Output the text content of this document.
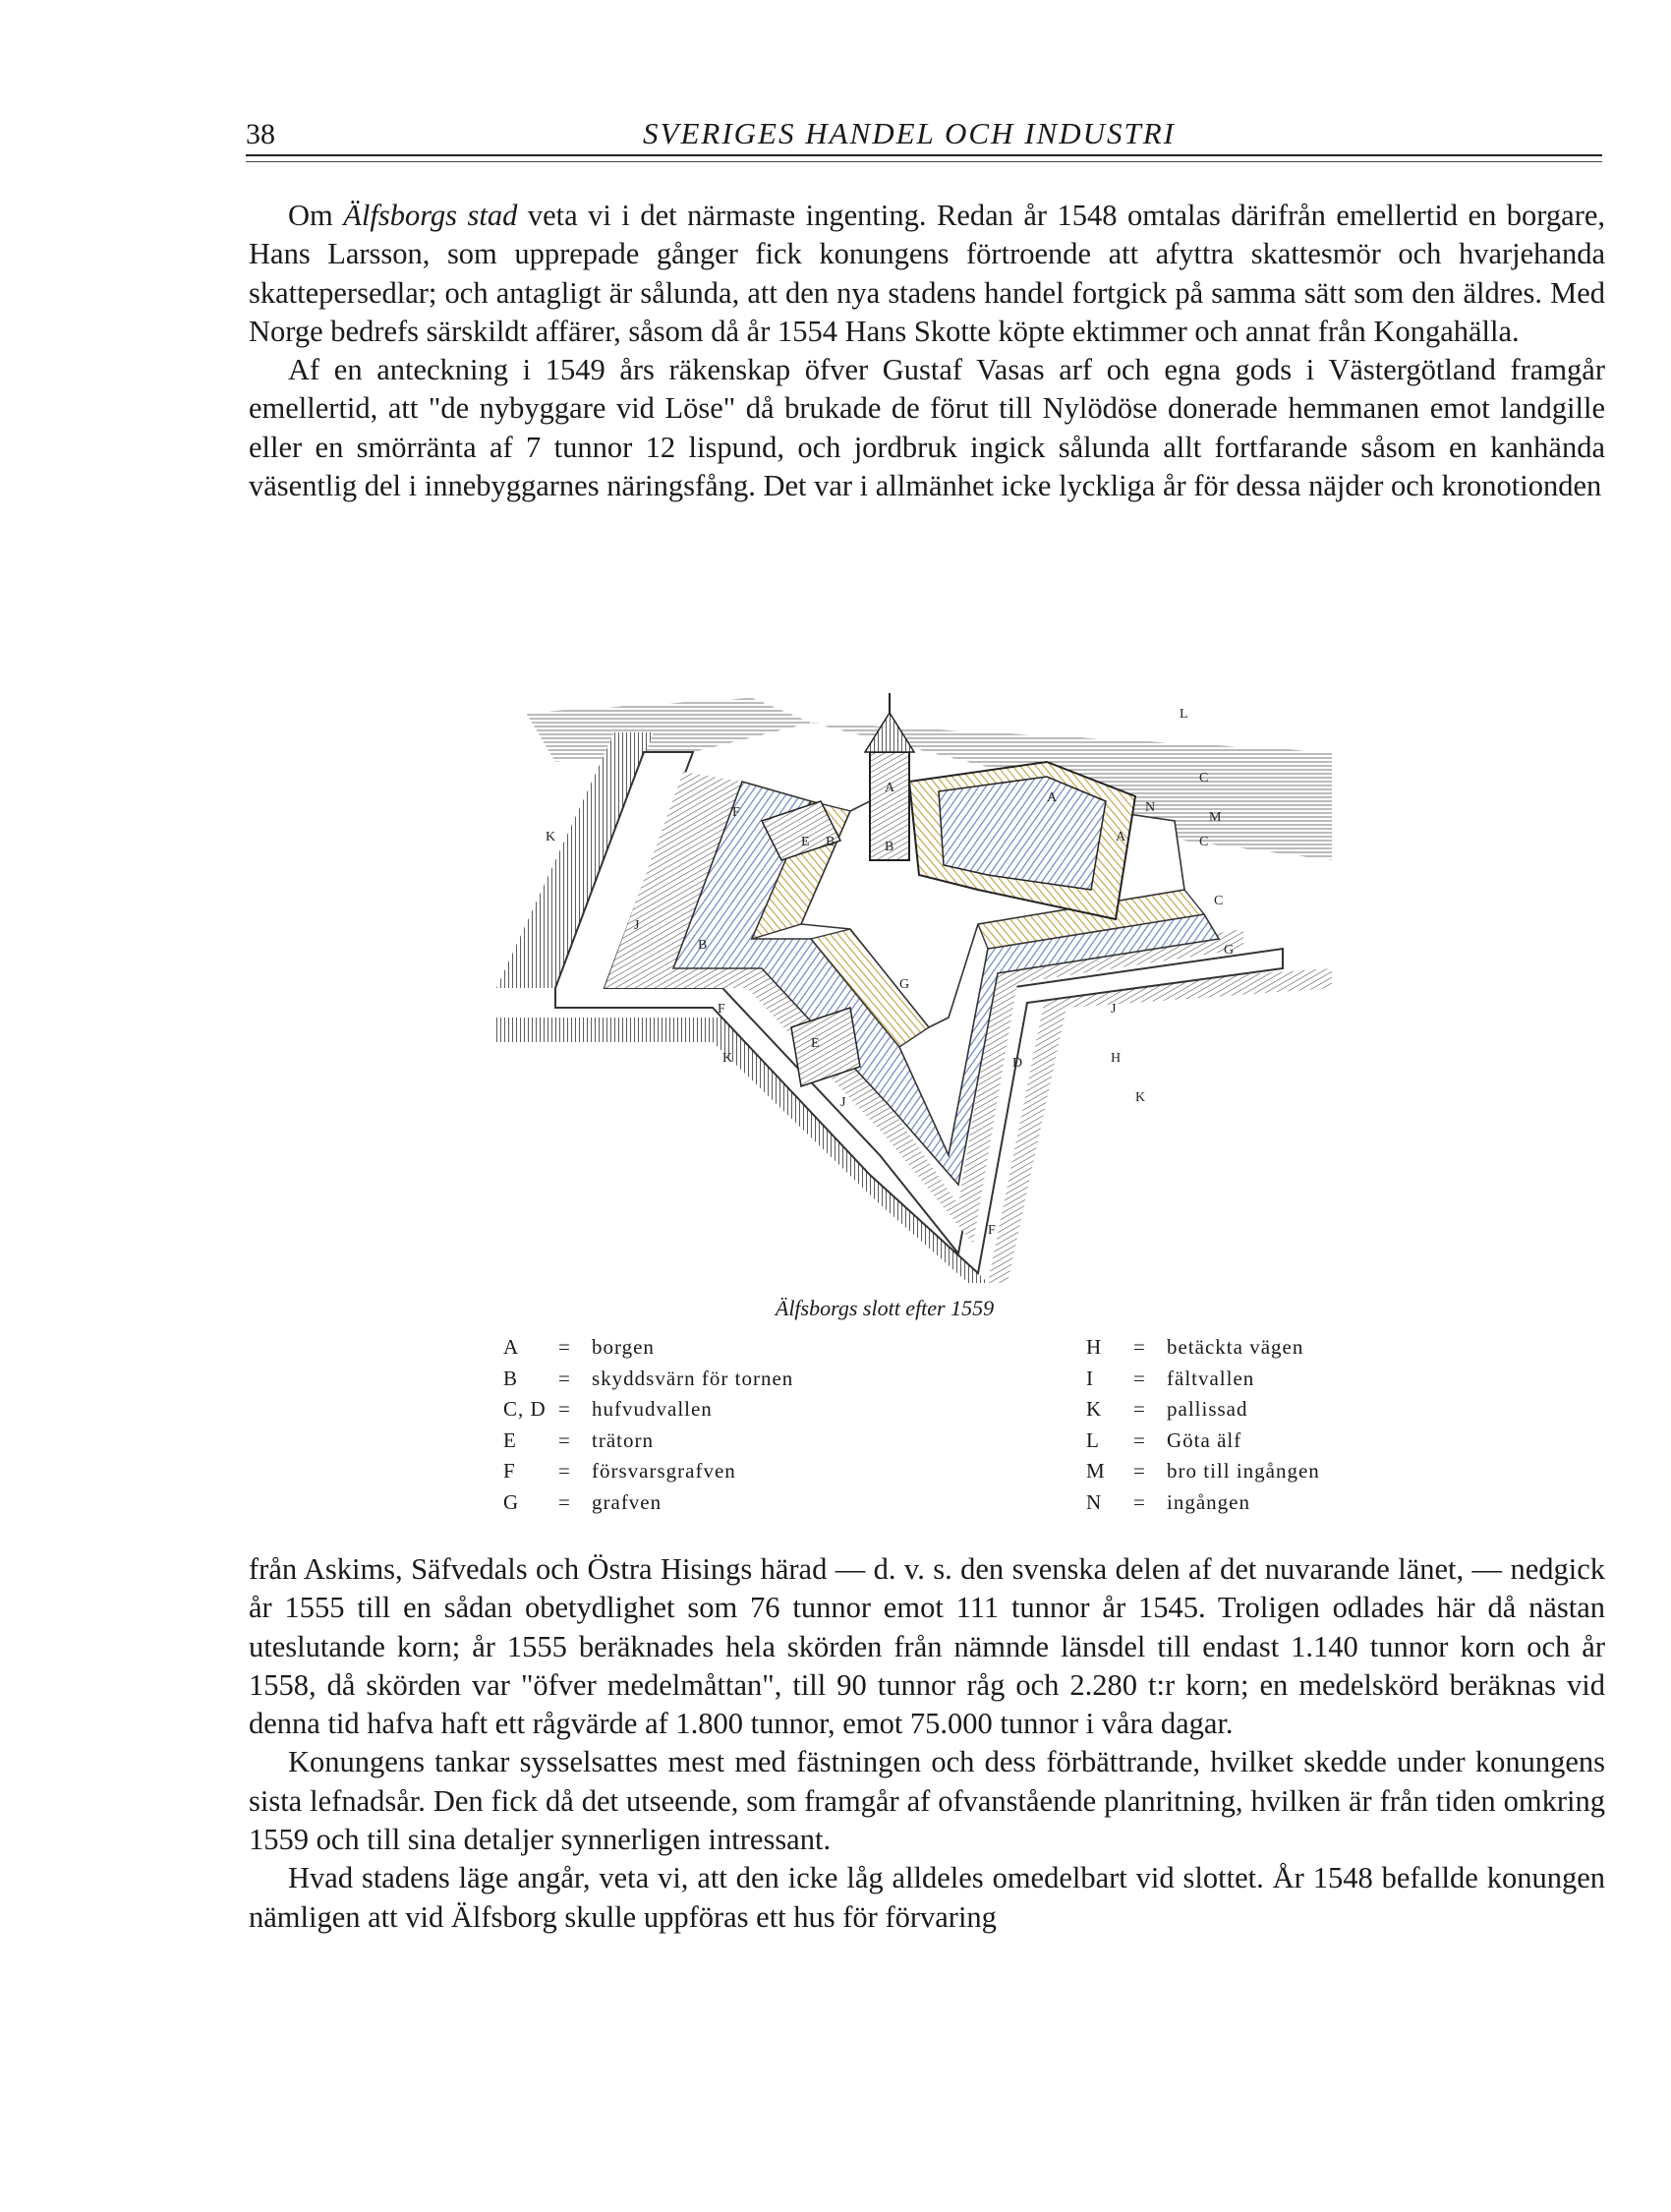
38	SVERIGES HANDEL OCH INDUSTRI

Om Älfsborgs stad veta vi i det närmaste ingenting. Redan år 1548 omtalas därifrån emellertid en borgare, Hans Larsson, som upprepade gånger fick konungens förtroende att afyttra skattesmör och hvarjehanda skattepersedlar; och antagligt är sålunda, att den nya stadens handel fortgick på samma sätt som den äldres. Med Norge bedrefs särskildt affärer, såsom då år 1554 Hans Skotte köpte ektimmer och annat från Kongahälla.

Af en anteckning i 1549 års räkenskap öfver Gustaf Vasas arf och egna gods i Västergötland framgår emellertid, att "de nybyggare vid Löse" då brukade de förut till Nylödöse donerade hemmanen emot landgille eller en smörränta af 7 tunnor 12 lispund, och jordbruk ingick sålunda allt fortfarande såsom en kanhända väsentlig del i innebyggarnes näringsfång. Det var i allmänhet icke lyckliga år för dessa näjder och kronotionden

A
A
A
B
B
B	C
C
C
D
E
E
F
F
F
G
G
H
J
J
J
K
K
K
L
M
N
Älfsborgs slott efter 1559
A	=	borgen
B	=	skyddsvärn för tornen
C, D =	hufvudvallen
E	=	trätorn
F	=	försvarsgrafven
G	=	grafven
H	=	betäckta vägen
I	=	fältvallen
K	=	pallissad
L	=	Göta älf
M	=	bro till ingången
N	=	ingången

från Askims, Säfvedals och Östra Hisings härad — d. v. s. den svenska delen af det nuvarande länet, — nedgick år 1555 till en sådan obetydlighet som 76 tunnor emot 111 tunnor år 1545. Troligen odlades här då nästan uteslutande korn; år 1555 beräknades hela skörden från nämnde länsdel till endast 1.140 tunnor korn och år 1558, då skörden var "öfver medelmåttan", till 90 tunnor råg och 2.280 t:r korn; en medelskörd beräknas vid denna tid hafva haft ett rågvärde af 1.800 tunnor, emot 75.000 tunnor i våra dagar.

Konungens tankar sysselsattes mest med fästningen och dess förbättrande, hvilket skedde under konungens sista lefnadsår. Den fick då det utseende, som framgår af ofvanstående planritning, hvilken är från tiden omkring 1559 och till sina detaljer synnerligen intressant.

Hvad stadens läge angår, veta vi, att den icke låg alldeles omedelbart vid slottet. År 1548 befallde konungen nämligen att vid Älfsborg skulle uppföras ett hus för förvaring
